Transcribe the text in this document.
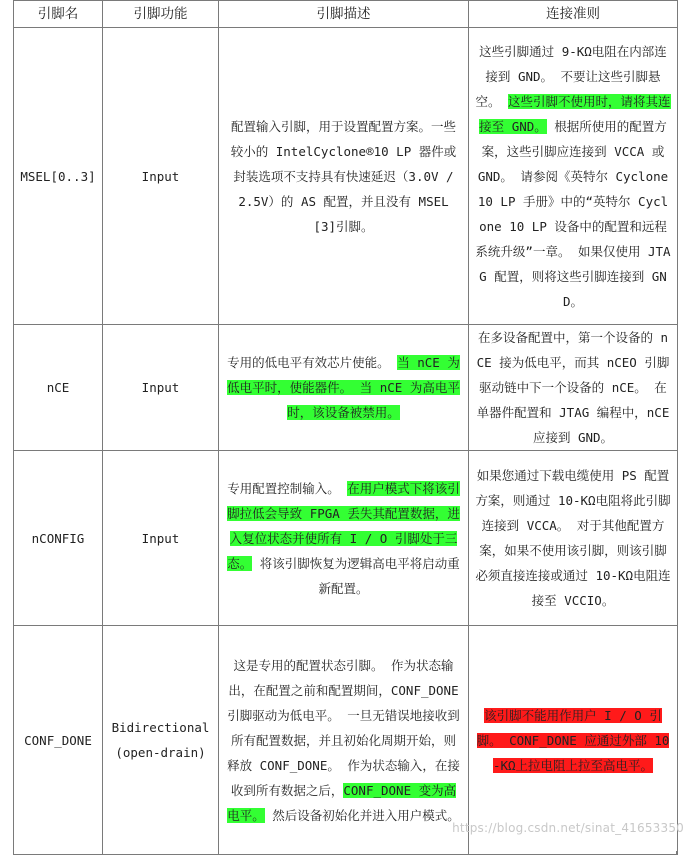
引脚名	引脚功能	引脚描述	连接准则
MSEL[0..3]	Input	配置输入引脚，用于设置配置方案。一些较小的 IntelCyclone®10 LP 器件或封装选项不支持具有快速延迟（3.0V / 2.5V）的 AS 配置，并且没有 MSEL [3]引脚。	这些引脚通过 9-KΩ电阻在内部连接到 GND。 不要让这些引脚悬空。 这些引脚不使用时，请将其连接至 GND。 根据所使用的配置方案，这些引脚应连接到 VCCA 或 GND。 请参阅《英特尔 Cyclone 10 LP 手册》中的“英特尔 Cyclone 10 LP 设备中的配置和远程系统升级”一章。 如果仅使用 JTAG 配置，则将这些引脚连接到 GND。
nCE	Input	专用的低电平有效芯片使能。 当 nCE 为低电平时，使能器件。 当 nCE 为高电平时，该设备被禁用。	在多设备配置中，第一个设备的 nCE 接为低电平，而其 nCEO 引脚驱动链中下一个设备的 nCE。 在单器件配置和 JTAG 编程中，nCE 应接到 GND。
nCONFIG	Input	专用配置控制输入。 在用户模式下将该引脚拉低会导致 FPGA 丢失其配置数据，进入复位状态并使所有 I / O 引脚处于三态。 将该引脚恢复为逻辑高电平将启动重新配置。	如果您通过下载电缆使用 PS 配置方案，则通过 10-KΩ电阻将此引脚连接到 VCCA。 对于其他配置方案，如果不使用该引脚，则该引脚必须直接连接或通过 10-KΩ电阻连接至 VCCIO。
CONF_DONE	Bidirectional (open-drain)	这是专用的配置状态引脚。 作为状态输出，在配置之前和配置期间，CONF_DONE 引脚驱动为低电平。 一旦无错误地接收到所有配置数据，并且初始化周期开始，则释放 CONF_DONE。 作为状态输入，在接收到所有数据之后，CONF_DONE 变为高电平。 然后设备初始化并进入用户模式。	该引脚不能用作用户 I / O 引脚。 CONF_DONE 应通过外部 10-KΩ上拉电阻上拉至高电平。
https://blog.csdn.net/sinat_41653350
